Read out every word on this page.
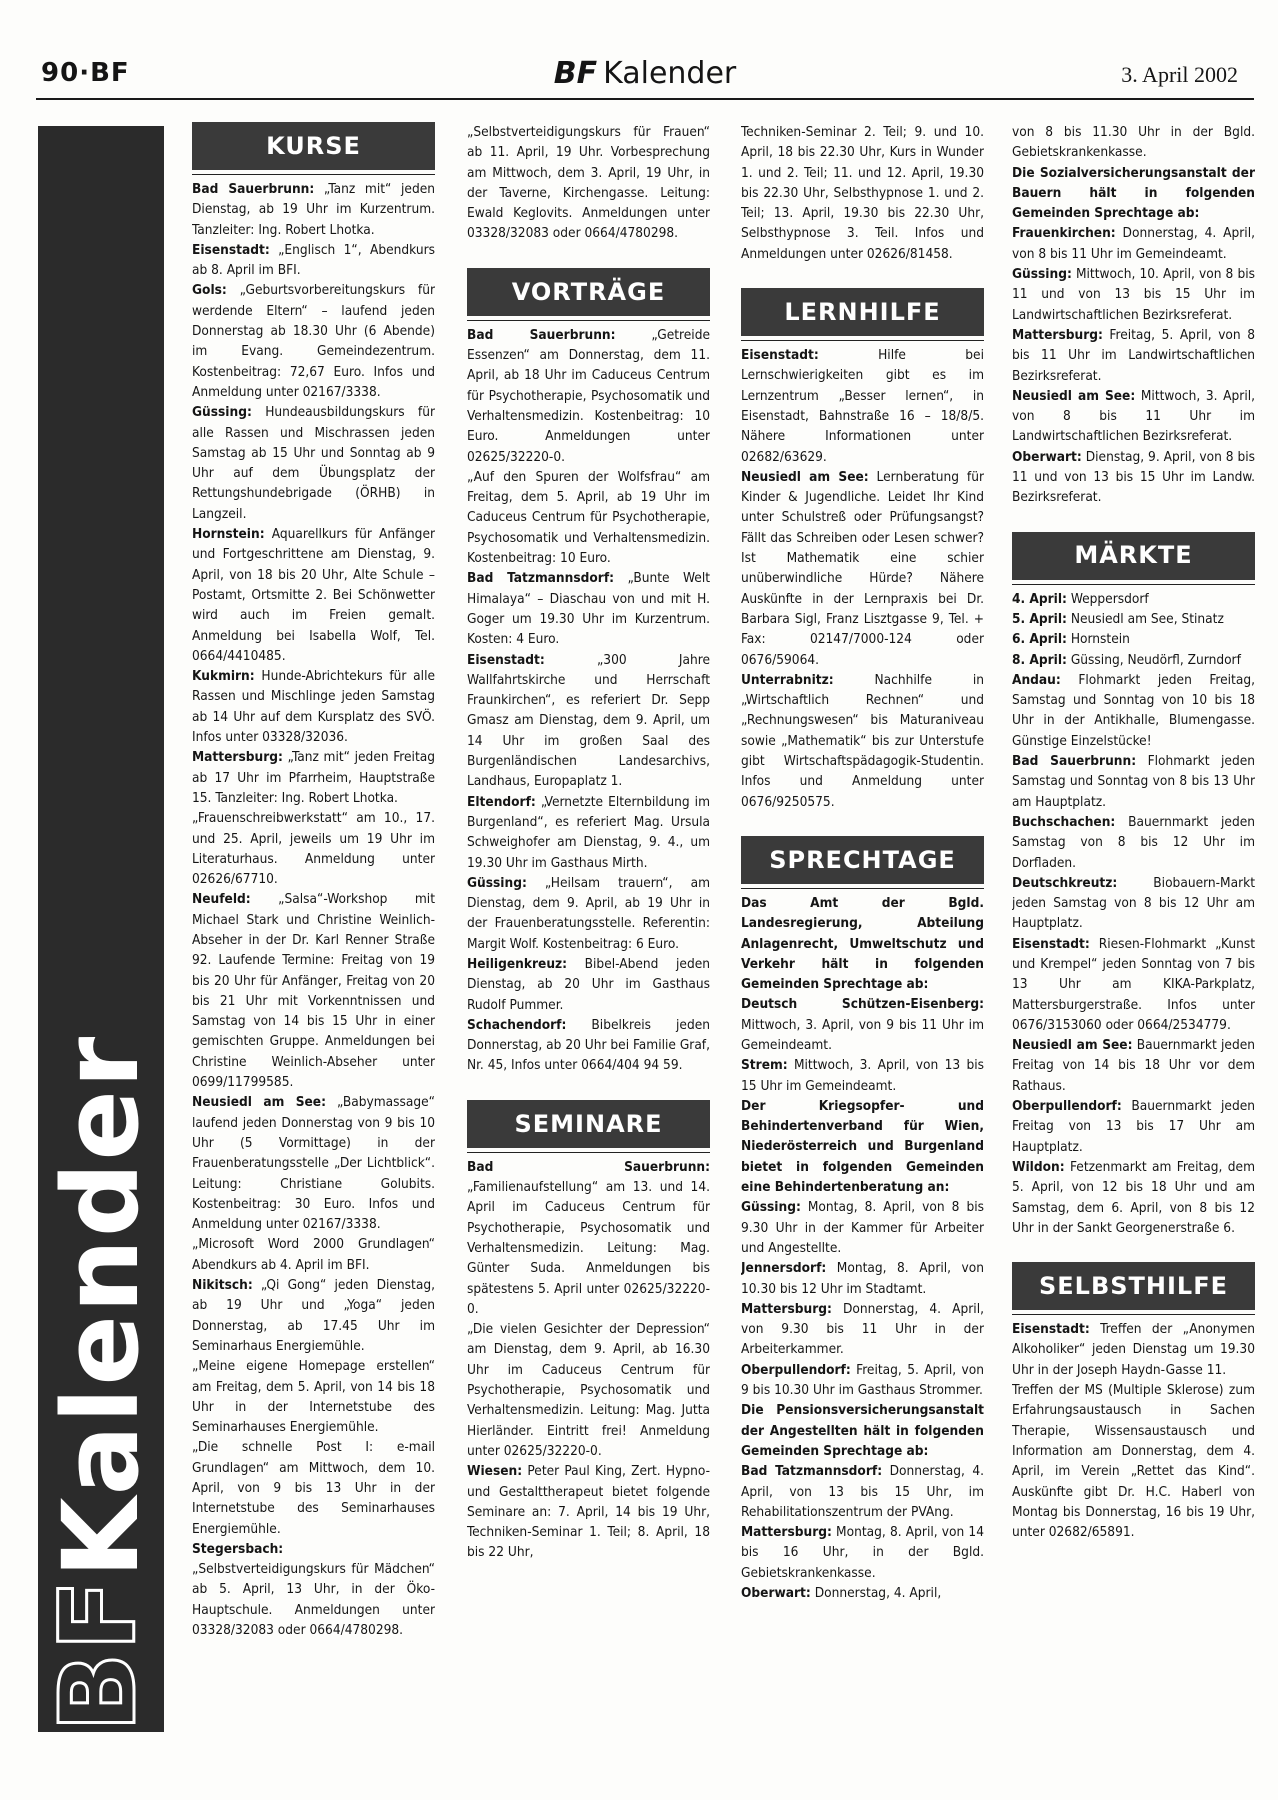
90·BF	BF Kalender	3. April 2002
BF
Kalender
KURSE

Bad Sauerbrunn: „Tanz mit“ jeden Dienstag, ab 19 Uhr im Kurzentrum. Tanzleiter: Ing. Robert Lhotka.

Eisenstadt: „Englisch 1“, Abendkurs ab 8. April im BFI.

Gols: „Geburtsvorbereitungskurs für werdende Eltern“ – laufend jeden Donnerstag ab 18.30 Uhr (6 Abende) im Evang. Gemeindezentrum. Kostenbeitrag: 72,67 Euro. Infos und Anmeldung unter 02167/3338.

Güssing: Hundeausbildungskurs für alle Rassen und Mischrassen jeden Samstag ab 15 Uhr und Sonntag ab 9 Uhr auf dem Übungsplatz der Rettungshundebrigade (ÖRHB) in Langzeil.

Hornstein: Aquarellkurs für Anfänger und Fortgeschrittene am Dienstag, 9. April, von 18 bis 20 Uhr, Alte Schule – Postamt, Ortsmitte 2. Bei Schönwetter wird auch im Freien gemalt. Anmeldung bei Isabella Wolf, Tel. 0664/4410485.

Kukmirn: Hunde-Abrichtekurs für alle Rassen und Mischlinge jeden Samstag ab 14 Uhr auf dem Kursplatz des SVÖ. Infos unter 03328/32036.

Mattersburg: „Tanz mit“ jeden Freitag ab 17 Uhr im Pfarrheim, Hauptstraße 15. Tanzleiter: Ing. Robert Lhotka.

„Frauenschreibwerkstatt“ am 10., 17. und 25. April, jeweils um 19 Uhr im Literaturhaus. Anmeldung unter 02626/67710.

Neufeld: „Salsa“-Workshop mit Michael Stark und Christine Weinlich-Abseher in der Dr. Karl Renner Straße 92. Laufende Termine: Freitag von 19 bis 20 Uhr für Anfänger, Freitag von 20 bis 21 Uhr mit Vorkenntnissen und Samstag von 14 bis 15 Uhr in einer gemischten Gruppe. Anmeldungen bei Christine Weinlich-Abseher unter 0699/11799585.

Neusiedl am See: „Babymassage“ laufend jeden Donnerstag von 9 bis 10 Uhr (5 Vormittage) in der Frauenberatungsstelle „Der Lichtblick“. Leitung: Christiane Golubits. Kostenbeitrag: 30 Euro. Infos und Anmeldung unter 02167/3338.

„Microsoft Word 2000 Grundlagen“ Abendkurs ab 4. April im BFI.

Nikitsch: „Qi Gong“ jeden Dienstag, ab 19 Uhr und „Yoga“ jeden Donnerstag, ab 17.45 Uhr im Seminarhaus Energiemühle.

„Meine eigene Homepage erstellen“ am Freitag, dem 5. April, von 14 bis 18 Uhr in der Internetstube des Seminarhauses Energiemühle.

„Die schnelle Post I: e-mail Grundlagen“ am Mittwoch, dem 10. April, von 9 bis 13 Uhr in der Internetstube des Seminarhauses Energiemühle.

Stegersbach: „Selbstverteidigungskurs für Mädchen“ ab 5. April, 13 Uhr, in der Öko-Hauptschule. Anmeldungen unter 03328/32083 oder 0664/4780298.

„Selbstverteidigungskurs für Frauen“ ab 11. April, 19 Uhr. Vorbesprechung am Mittwoch, dem 3. April, 19 Uhr, in der Taverne, Kirchengasse. Leitung: Ewald Keglovits. Anmeldungen unter 03328/32083 oder 0664/4780298.

VORTRÄGE

Bad Sauerbrunn: „Getreide Essenzen“ am Donnerstag, dem 11. April, ab 18 Uhr im Caduceus Centrum für Psychotherapie, Psychosomatik und Verhaltensmedizin. Kostenbeitrag: 10 Euro. Anmeldungen unter 02625/32220-0.

„Auf den Spuren der Wolfsfrau“ am Freitag, dem 5. April, ab 19 Uhr im Caduceus Centrum für Psychotherapie, Psychosomatik und Verhaltensmedizin. Kostenbeitrag: 10 Euro.

Bad Tatzmannsdorf: „Bunte Welt Himalaya“ – Diaschau von und mit H. Goger um 19.30 Uhr im Kurzentrum. Kosten: 4 Euro.

Eisenstadt: „300 Jahre Wallfahrtskirche und Herrschaft Fraunkirchen“, es referiert Dr. Sepp Gmasz am Dienstag, dem 9. April, um 14 Uhr im großen Saal des Burgenländischen Landesarchivs, Landhaus, Europaplatz 1.

Eltendorf: „Vernetzte Elternbildung im Burgenland“, es referiert Mag. Ursula Schweighofer am Dienstag, 9. 4., um 19.30 Uhr im Gasthaus Mirth.

Güssing: „Heilsam trauern“, am Dienstag, dem 9. April, ab 19 Uhr in der Frauenberatungsstelle. Referentin: Margit Wolf. Kostenbeitrag: 6 Euro.

Heiligenkreuz: Bibel-Abend jeden Dienstag, ab 20 Uhr im Gasthaus Rudolf Pummer.

Schachendorf: Bibelkreis jeden Donnerstag, ab 20 Uhr bei Familie Graf, Nr. 45, Infos unter 0664/404 94 59.

SEMINARE

Bad Sauerbrunn: „Familienaufstellung“ am 13. und 14. April im Caduceus Centrum für Psychotherapie, Psychosomatik und Verhaltensmedizin. Leitung: Mag. Günter Suda. Anmeldungen bis spätestens 5. April unter 02625/32220-0.

„Die vielen Gesichter der Depression“ am Dienstag, dem 9. April, ab 16.30 Uhr im Caduceus Centrum für Psychotherapie, Psychosomatik und Verhaltensmedizin. Leitung: Mag. Jutta Hierländer. Eintritt frei! Anmeldung unter 02625/32220-0.

Wiesen: Peter Paul King, Zert. Hypno- und Gestalttherapeut bietet folgende Seminare an: 7. April, 14 bis 19 Uhr, Techniken-Seminar 1. Teil; 8. April, 18 bis 22 Uhr,

Techniken-Seminar 2. Teil; 9. und 10. April, 18 bis 22.30 Uhr, Kurs in Wunder 1. und 2. Teil; 11. und 12. April, 19.30 bis 22.30 Uhr, Selbsthypnose 1. und 2. Teil; 13. April, 19.30 bis 22.30 Uhr, Selbsthypnose 3. Teil. Infos und Anmeldungen unter 02626/81458.

LERNHILFE

Eisenstadt: Hilfe bei Lernschwierigkeiten gibt es im Lernzentrum „Besser lernen“, in Eisenstadt, Bahnstraße 16 – 18/8/5. Nähere Informationen unter 02682/63629.

Neusiedl am See: Lernberatung für Kinder & Jugendliche. Leidet Ihr Kind unter Schulstreß oder Prüfungsangst? Fällt das Schreiben oder Lesen schwer? Ist Mathematik eine schier unüberwindliche Hürde? Nähere Auskünfte in der Lernpraxis bei Dr. Barbara Sigl, Franz Lisztgasse 9, Tel. + Fax: 02147/7000-124 oder 0676/59064.

Unterrabnitz: Nachhilfe in „Wirtschaftlich Rechnen“ und „Rechnungswesen“ bis Maturaniveau sowie „Mathematik“ bis zur Unterstufe gibt Wirtschaftspädagogik-Studentin. Infos und Anmeldung unter 0676/9250575.

SPRECHTAGE

Das Amt der Bgld. Landesregierung, Abteilung Anlagenrecht, Umweltschutz und Verkehr hält in folgenden Gemeinden Sprechtage ab:

Deutsch Schützen-Eisenberg: Mittwoch, 3. April, von 9 bis 11 Uhr im Gemeindeamt.

Strem: Mittwoch, 3. April, von 13 bis 15 Uhr im Gemeindeamt.

Der Kriegsopfer- und Behindertenverband für Wien, Niederösterreich und Burgenland bietet in folgenden Gemeinden eine Behindertenberatung an:

Güssing: Montag, 8. April, von 8 bis 9.30 Uhr in der Kammer für Arbeiter und Angestellte.

Jennersdorf: Montag, 8. April, von 10.30 bis 12 Uhr im Stadtamt.

Mattersburg: Donnerstag, 4. April, von 9.30 bis 11 Uhr in der Arbeiterkammer.

Oberpullendorf: Freitag, 5. April, von 9 bis 10.30 Uhr im Gasthaus Strommer.

Die Pensionsversicherungsanstalt der Angestellten hält in folgenden Gemeinden Sprechtage ab:

Bad Tatzmannsdorf: Donnerstag, 4. April, von 13 bis 15 Uhr, im Rehabilitationszentrum der PVAng.

Mattersburg: Montag, 8. April, von 14 bis 16 Uhr, in der Bgld. Gebietskrankenkasse.

Oberwart: Donnerstag, 4. April,

von 8 bis 11.30 Uhr in der Bgld. Gebietskrankenkasse.

Die Sozialversicherungsanstalt der Bauern hält in folgenden Gemeinden Sprechtage ab:

Frauenkirchen: Donnerstag, 4. April, von 8 bis 11 Uhr im Gemeindeamt.

Güssing: Mittwoch, 10. April, von 8 bis 11 und von 13 bis 15 Uhr im Landwirtschaftlichen Bezirksreferat.

Mattersburg: Freitag, 5. April, von 8 bis 11 Uhr im Landwirtschaftlichen Bezirksreferat.

Neusiedl am See: Mittwoch, 3. April, von 8 bis 11 Uhr im Landwirtschaftlichen Bezirksreferat.

Oberwart: Dienstag, 9. April, von 8 bis 11 und von 13 bis 15 Uhr im Landw. Bezirksreferat.

MÄRKTE

4. April: Weppersdorf

5. April: Neusiedl am See, Stinatz

6. April: Hornstein

8. April: Güssing, Neudörfl, Zurndorf

Andau: Flohmarkt jeden Freitag, Samstag und Sonntag von 10 bis 18 Uhr in der Antikhalle, Blumengasse. Günstige Einzelstücke!

Bad Sauerbrunn: Flohmarkt jeden Samstag und Sonntag von 8 bis 13 Uhr am Hauptplatz.

Buchschachen: Bauernmarkt jeden Samstag von 8 bis 12 Uhr im Dorfladen.

Deutschkreutz: Biobauern-Markt jeden Samstag von 8 bis 12 Uhr am Hauptplatz.

Eisenstadt: Riesen-Flohmarkt „Kunst und Krempel“ jeden Sonntag von 7 bis 13 Uhr am KIKA-Parkplatz, Mattersburgerstraße. Infos unter 0676/3153060 oder 0664/2534779.

Neusiedl am See: Bauernmarkt jeden Freitag von 14 bis 18 Uhr vor dem Rathaus.

Oberpullendorf: Bauernmarkt jeden Freitag von 13 bis 17 Uhr am Hauptplatz.

Wildon: Fetzenmarkt am Freitag, dem 5. April, von 12 bis 18 Uhr und am Samstag, dem 6. April, von 8 bis 12 Uhr in der Sankt Georgenerstraße 6.

SELBSTHILFE

Eisenstadt: Treffen der „Anonymen Alkoholiker“ jeden Dienstag um 19.30 Uhr in der Joseph Haydn-Gasse 11.

Treffen der MS (Multiple Sklerose) zum Erfahrungsaustausch in Sachen Therapie, Wissensaustausch und Information am Donnerstag, dem 4. April, im Verein „Rettet das Kind“. Auskünfte gibt Dr. H.C. Haberl von Montag bis Donnerstag, 16 bis 19 Uhr, unter 02682/65891.
